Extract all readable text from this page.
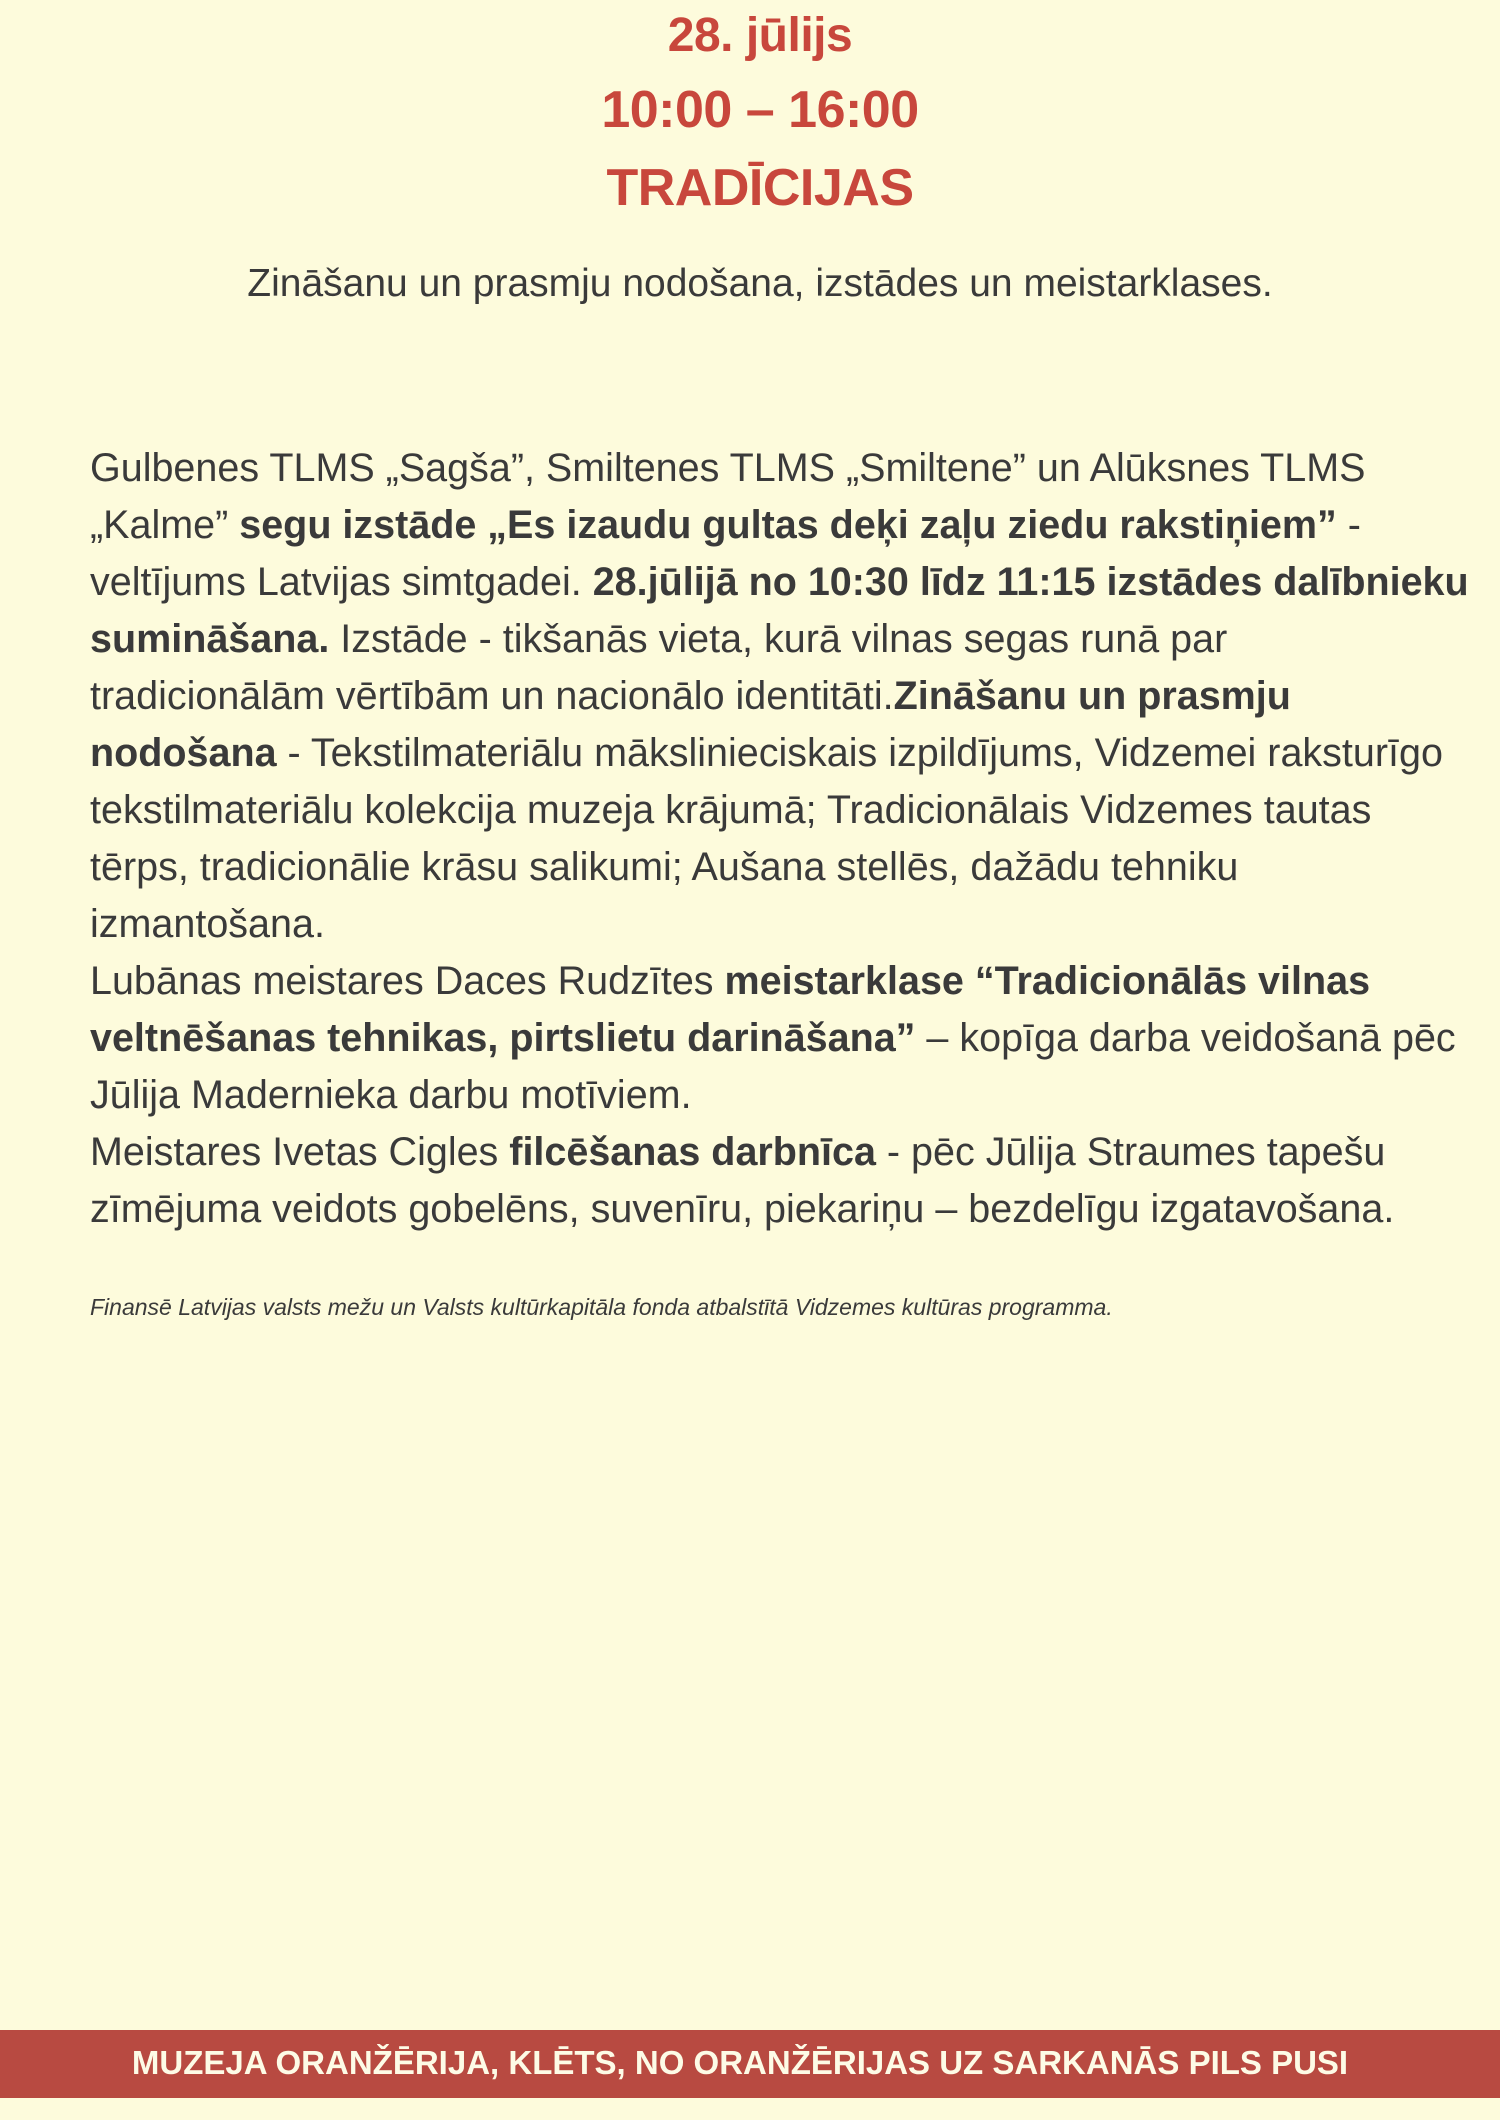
28. jūlijs
10:00 – 16:00
TRADĪCIJAS
Zināšanu un prasmju nodošana, izstādes un meistarklases.

Gulbenes TLMS „Sagša”, Smiltenes TLMS „Smiltene” un Alūksnes TLMS „Kalme” segu izstāde „Es izaudu gultas deķi zaļu ziedu rakstiņiem” - veltījums Latvijas simtgadei. 28.jūlijā no 10:30 līdz 11:15 izstādes dalībnieku sumināšana. Izstāde - tikšanās vieta, kurā vilnas segas runā par tradicionālām vērtībām un nacionālo identitāti.Zināšanu un prasmju nodošana - Tekstilmateriālu mākslinieciskais izpildījums, Vidzemei raksturīgo tekstilmateriālu kolekcija muzeja krājumā; Tradicionālais Vidzemes tautas tērps, tradicionālie krāsu salikumi; Aušana stellēs, dažādu tehniku izmantošana.

Lubānas meistares Daces Rudzītes meistarklase “Tradicionālās vilnas veltnēšanas tehnikas, pirtslietu darināšana” – kopīga darba veidošanā pēc Jūlija Madernieka darbu motīviem.

Meistares Ivetas Cigles filcēšanas darbnīca - pēc Jūlija Straumes tapešu zīmējuma veidots gobelēns, suvenīru, piekariņu – bezdelīgu izgatavošana.

Finansē Latvijas valsts mežu un Valsts kultūrkapitāla fonda atbalstītā Vidzemes kultūras programma.
MUZEJA ORANŽĒRIJA, KLĒTS, NO ORANŽĒRIJAS UZ SARKANĀS PILS PUSI
